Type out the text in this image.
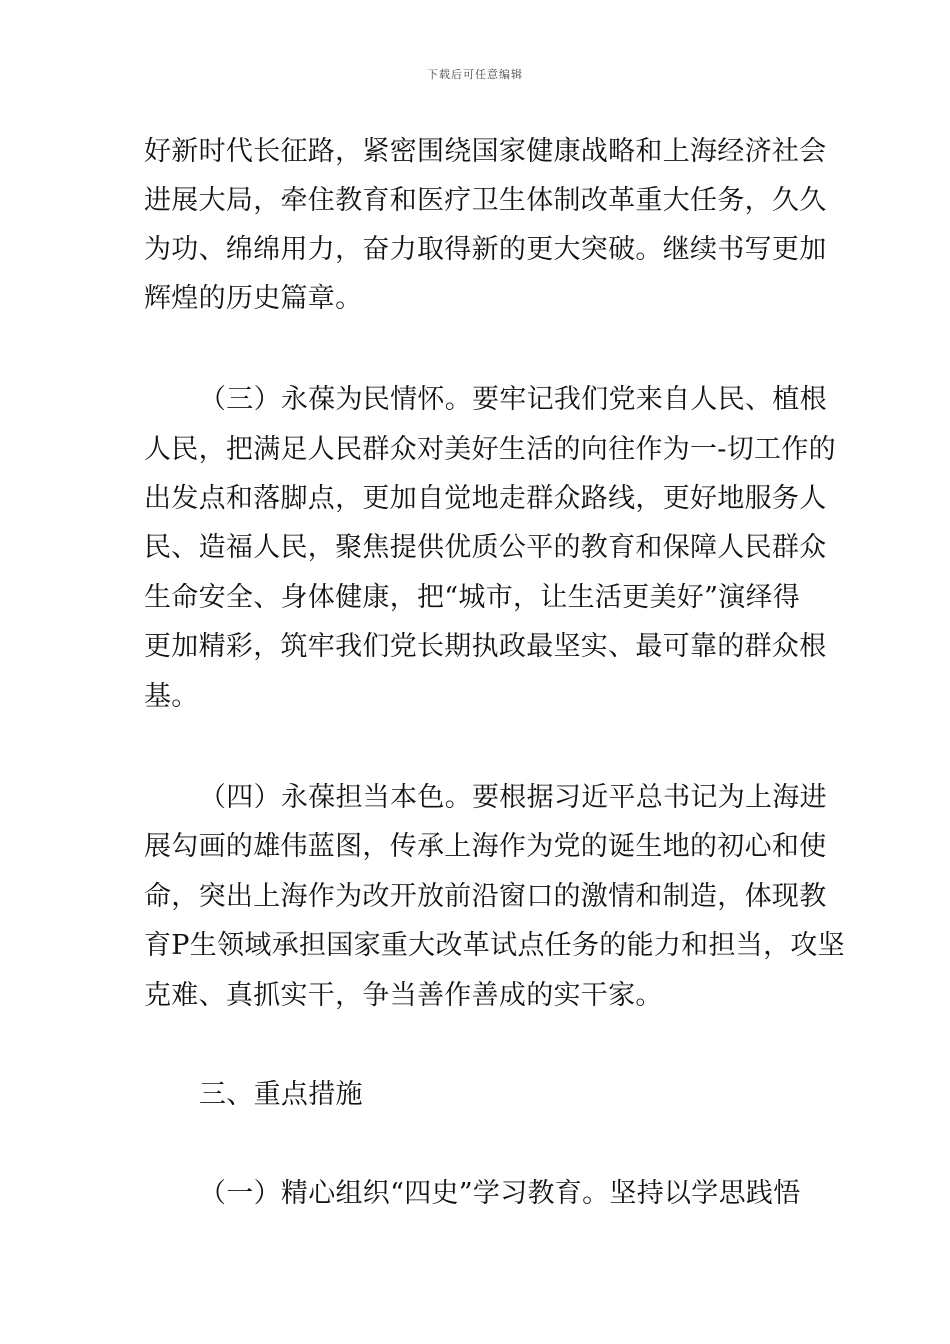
下载后可任意编辑
好新时代长征路，紧密围绕国家健康战略和上海经济社会
进展大局，牵住教育和医疗卫生体制改革重大任务，久久
为功、绵绵用力，奋力取得新的更大突破。继续书写更加
辉煌的历史篇章。
（三）永葆为民情怀。要牢记我们党来自人民、植根
人民，把满足人民群众对美好生活的向往作为一-切工作的
出发点和落脚点，更加自觉地走群众路线，更好地服务人
民、造福人民，聚焦提供优质公平的教育和保障人民群众
生命安全、身体健康，把“城市，让生活更美好”演绎得
更加精彩，筑牢我们党长期执政最坚实、最可靠的群众根
基。
（四）永葆担当本色。要根据习近平总书记为上海进
展勾画的雄伟蓝图，传承上海作为党的诞生地的初心和使
命，突出上海作为改开放前沿窗口的激情和制造，体现教
育P生领域承担国家重大改革试点任务的能力和担当，攻坚
克难、真抓实干，争当善作善成的实干家。
三、重点措施
（一）精心组织“四史”学习教育。坚持以学思践悟
